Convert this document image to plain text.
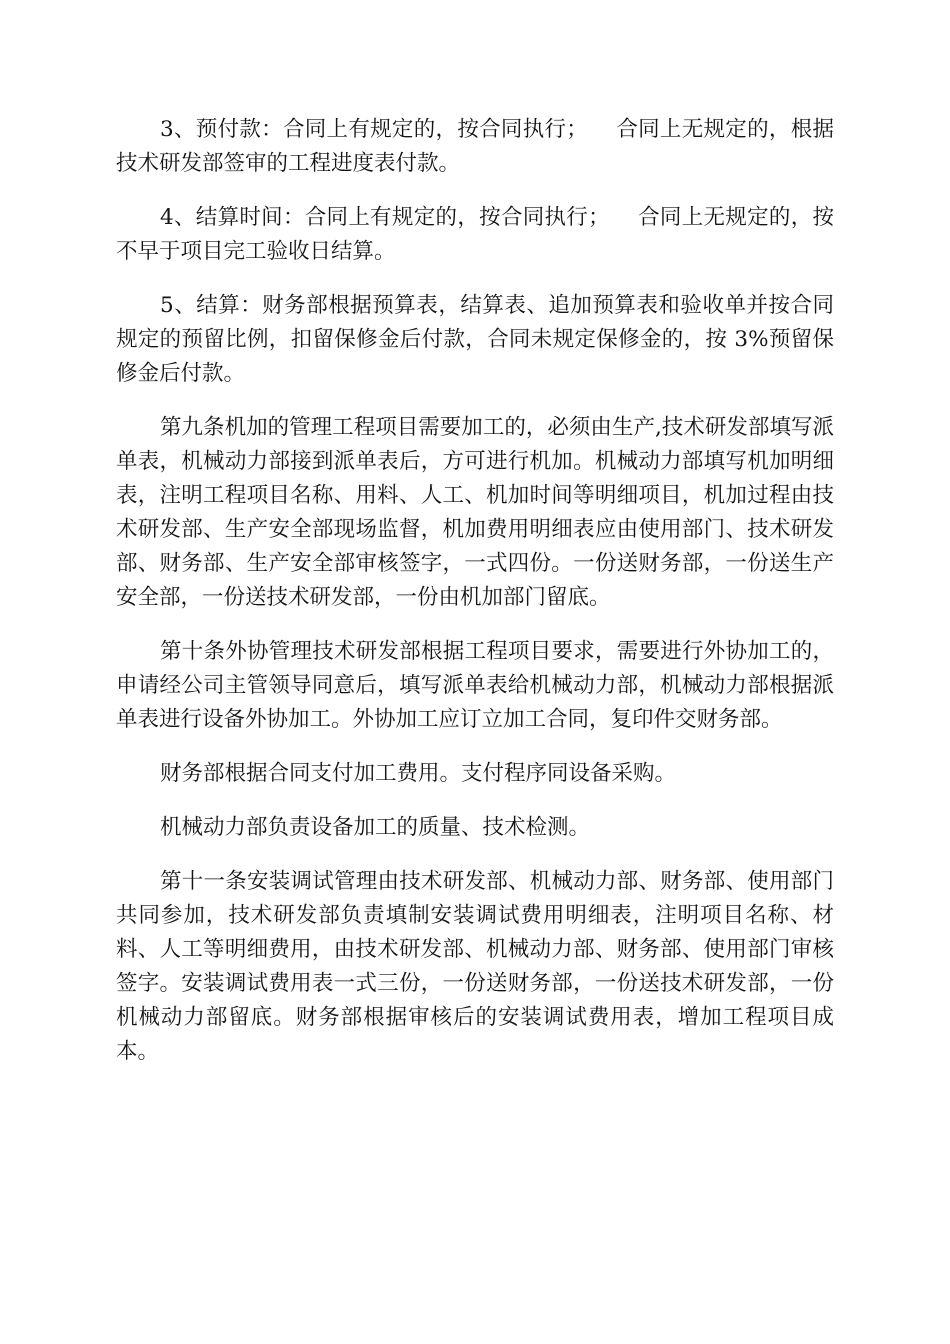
3、预付款：合同上有规定的，按合同执行；    合同上无规定的，根据技术研发部签审的工程进度表付款。

4、结算时间：合同上有规定的，按合同执行；    合同上无规定的，按不早于项目完工验收日结算。

5、结算：财务部根据预算表，结算表、追加预算表和验收单并按合同规定的预留比例，扣留保修金后付款，合同未规定保修金的，按 3%预留保修金后付款。

第九条机加的管理工程项目需要加工的，必须由生产,技术研发部填写派单表，机械动力部接到派单表后，方可进行机加。机械动力部填写机加明细表，注明工程项目名称、用料、人工、机加时间等明细项目，机加过程由技术研发部、生产安全部现场监督，机加费用明细表应由使用部门、技术研发部、财务部、生产安全部审核签字，一式四份。一份送财务部，一份送生产安全部，一份送技术研发部，一份由机加部门留底。

第十条外协管理技术研发部根据工程项目要求，需要进行外协加工的，申请经公司主管领导同意后，填写派单表给机械动力部，机械动力部根据派单表进行设备外协加工。外协加工应订立加工合同，复印件交财务部。

财务部根据合同支付加工费用。支付程序同设备采购。

机械动力部负责设备加工的质量、技术检测。

第十一条安装调试管理由技术研发部、机械动力部、财务部、使用部门共同参加，技术研发部负责填制安装调试费用明细表，注明项目名称、材料、人工等明细费用，由技术研发部、机械动力部、财务部、使用部门审核签字。安装调试费用表一式三份，一份送财务部，一份送技术研发部，一份机械动力部留底。财务部根据审核后的安装调试费用表，增加工程项目成本。
